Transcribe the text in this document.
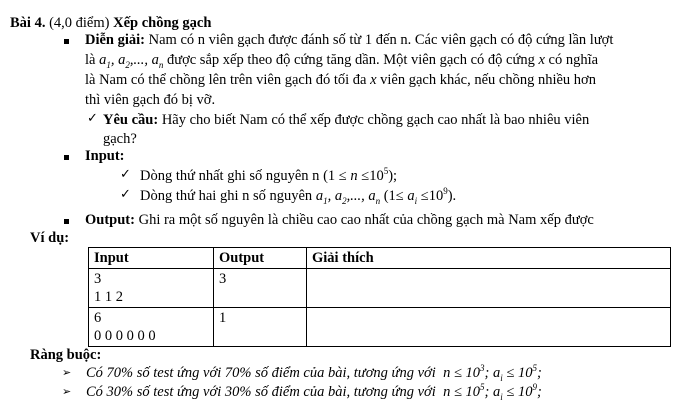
Bài 4. (4,0 điểm) Xếp chồng gạch
Diễn giải: Nam có n viên gạch được đánh số từ 1 đến n. Các viên gạch có độ cứng lần lượt
là $a_1$, $a_2$,..., $a_n$ được sắp xếp theo độ cứng tăng dần. Một viên gạch có độ cứng x có nghĩa
là Nam có thể chồng lên trên viên gạch đó tối đa x viên gạch khác, nếu chồng nhiều hơn
thì viên gạch đó bị vỡ.
✓ Yêu cầu: Hãy cho biết Nam có thể xếp được chồng gạch cao nhất là bao nhiêu viên
gạch?
Input:
✓ Dòng thứ nhất ghi số nguyên n $(1 \le n \le 10^5)$;
✓ Dòng thứ hai ghi n số nguyên $a_1$, $a_2$,..., $a_n$ $(1\le a_i \le 10^9)$.
Output: Ghi ra một số nguyên là chiều cao cao nhất của chồng gạch mà Nam xếp được
Ví dụ:
Input	Output	Giải thích

3
1 1 2	3	

6
0 0 0 0 0 0	1	
Ràng buộc:
➢ Có 70% số test ứng với 70% số điểm của bài, tương ứng với  $n \le 10^3$; $a_i \le 10^5$;
➢ Có 30% số test ứng với 30% số điểm của bài, tương ứng với  $n \le 10^5$; $a_i \le 10^9$;
